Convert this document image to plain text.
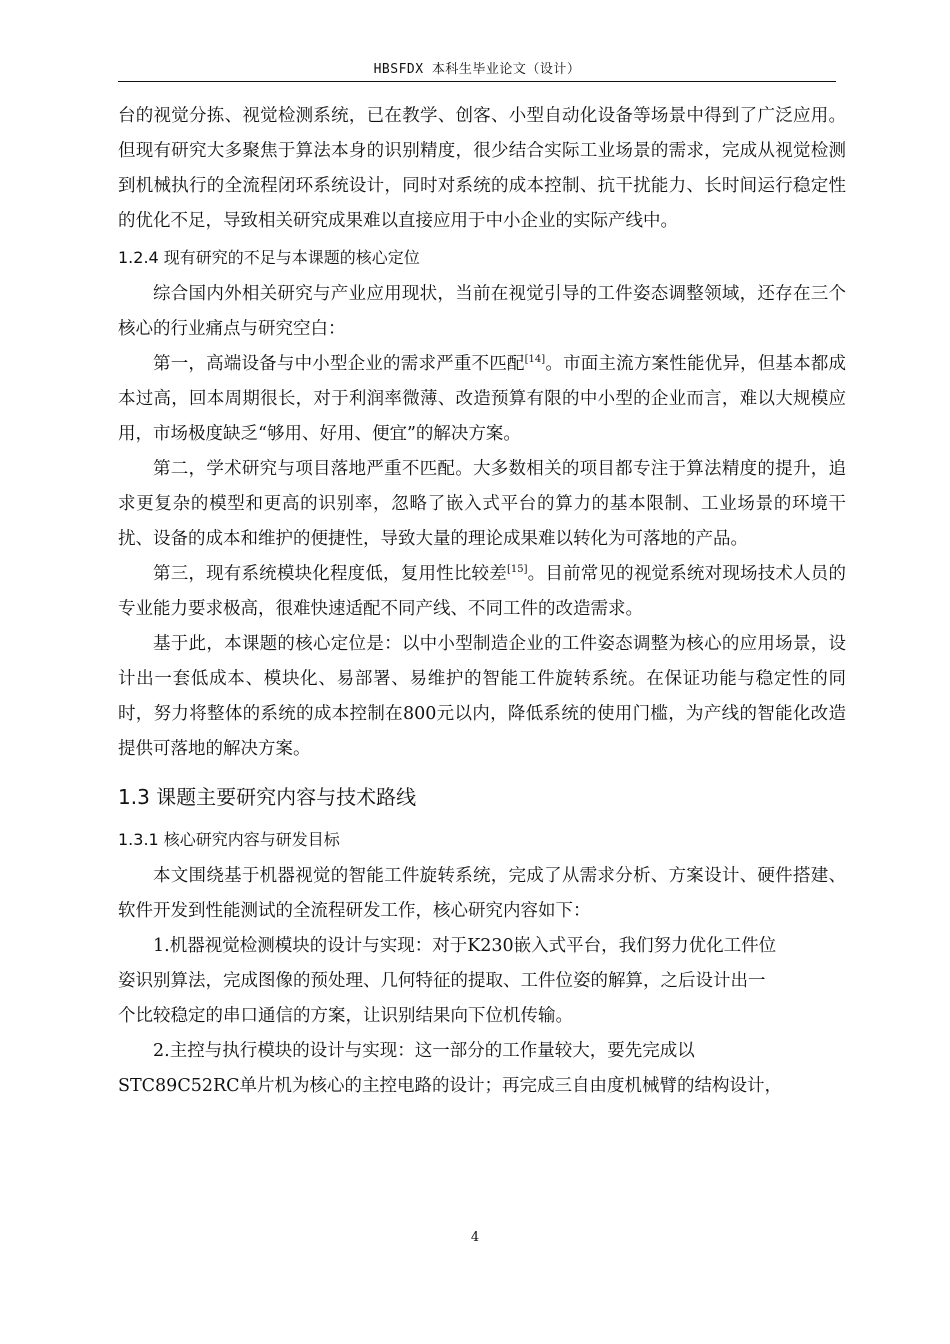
HBSFDX 本科生毕业论文（设计）

台的视觉分拣、视觉检测系统，已在教学、创客、小型自动化设备等场景中得到了广泛应用。但现有研究大多聚焦于算法本身的识别精度，很少结合实际工业场景的需求，完成从视觉检测到机械执行的全流程闭环系统设计，同时对系统的成本控制、抗干扰能力、长时间运行稳定性的优化不足，导致相关研究成果难以直接应用于中小企业的实际产线中。

1.2.4 现有研究的不足与本课题的核心定位

综合国内外相关研究与产业应用现状，当前在视觉引导的工件姿态调整领域，还存在三个核心的行业痛点与研究空白：

第一，高端设备与中小型企业的需求严重不匹配[14]。市面主流方案性能优异，但基本都成本过高，回本周期很长，对于利润率微薄、改造预算有限的中小型的企业而言，难以大规模应用，市场极度缺乏“够用、好用、便宜”的解决方案。

第二，学术研究与项目落地严重不匹配。大多数相关的项目都专注于算法精度的提升，追求更复杂的模型和更高的识别率，忽略了嵌入式平台的算力的基本限制、工业场景的环境干扰、设备的成本和维护的便捷性，导致大量的理论成果难以转化为可落地的产品。

第三，现有系统模块化程度低，复用性比较差[15]。目前常见的视觉系统对现场技术人员的专业能力要求极高，很难快速适配不同产线、不同工件的改造需求。

基于此，本课题的核心定位是：以中小型制造企业的工件姿态调整为核心的应用场景，设计出一套低成本、模块化、易部署、易维护的智能工件旋转系统。在保证功能与稳定性的同时，努力将整体的系统的成本控制在800元以内，降低系统的使用门槛，为产线的智能化改造提供可落地的解决方案。

1.3 课题主要研究内容与技术路线
1.3.1 核心研究内容与研发目标

本文围绕基于机器视觉的智能工件旋转系统，完成了从需求分析、方案设计、硬件搭建、软件开发到性能测试的全流程研发工作，核心研究内容如下：

1.机器视觉检测模块的设计与实现：对于K230嵌入式平台，我们努力优化工件位

姿识别算法，完成图像的预处理、几何特征的提取、工件位姿的解算，之后设计出一

个比较稳定的串口通信的方案，让识别结果向下位机传输。

2.主控与执行模块的设计与实现：这一部分的工作量较大，要先完成以

STC89C52RC单片机为核心的主控电路的设计；再完成三自由度机械臂的结构设计，

4
